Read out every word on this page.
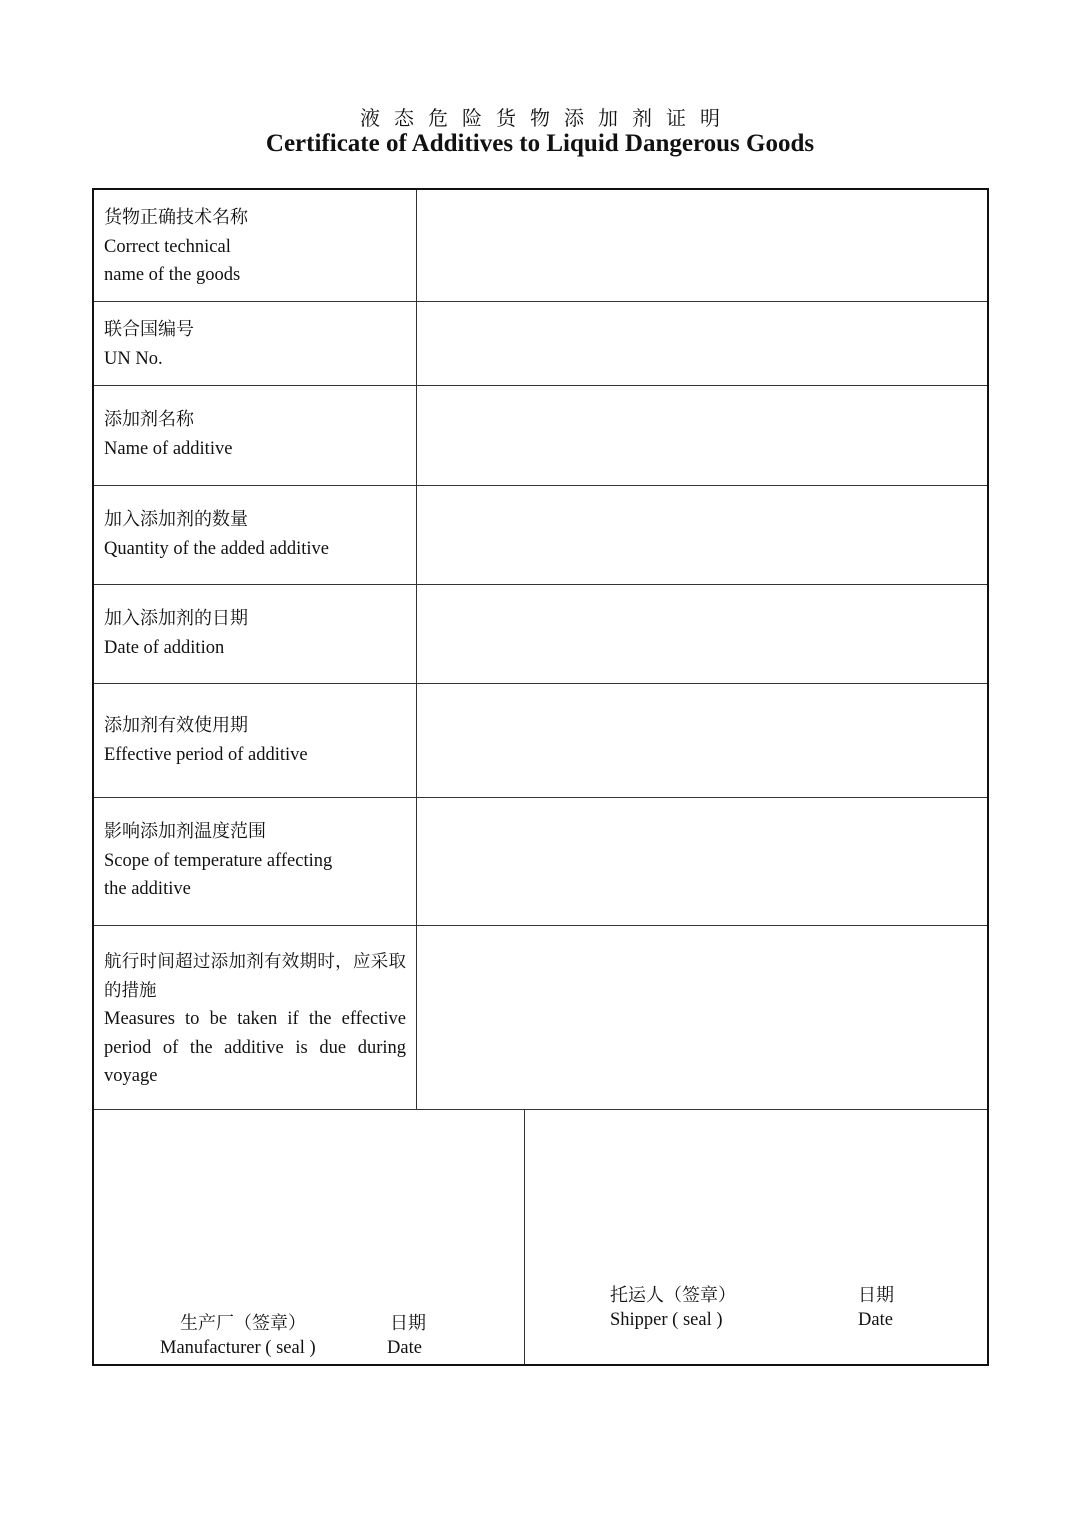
液态危险货物添加剂证明
Certificate of Additives to Liquid Dangerous Goods
货物正确技术名称
Correct technical
name of the goods
联合国编号
UN No.
添加剂名称
Name of additive
加入添加剂的数量
Quantity of the added additive
加入添加剂的日期
Date of addition
添加剂有效使用期
Effective period of additive
影响添加剂温度范围
Scope of temperature affecting
the additive
航行时间超过添加剂有效期时，应采取的措施
Measures to be taken if the effective period of the additive is due during voyage
生产厂（签章）	日期
Manufacturer ( seal )	Date
托运人（签章）	日期
Shipper ( seal )	Date
